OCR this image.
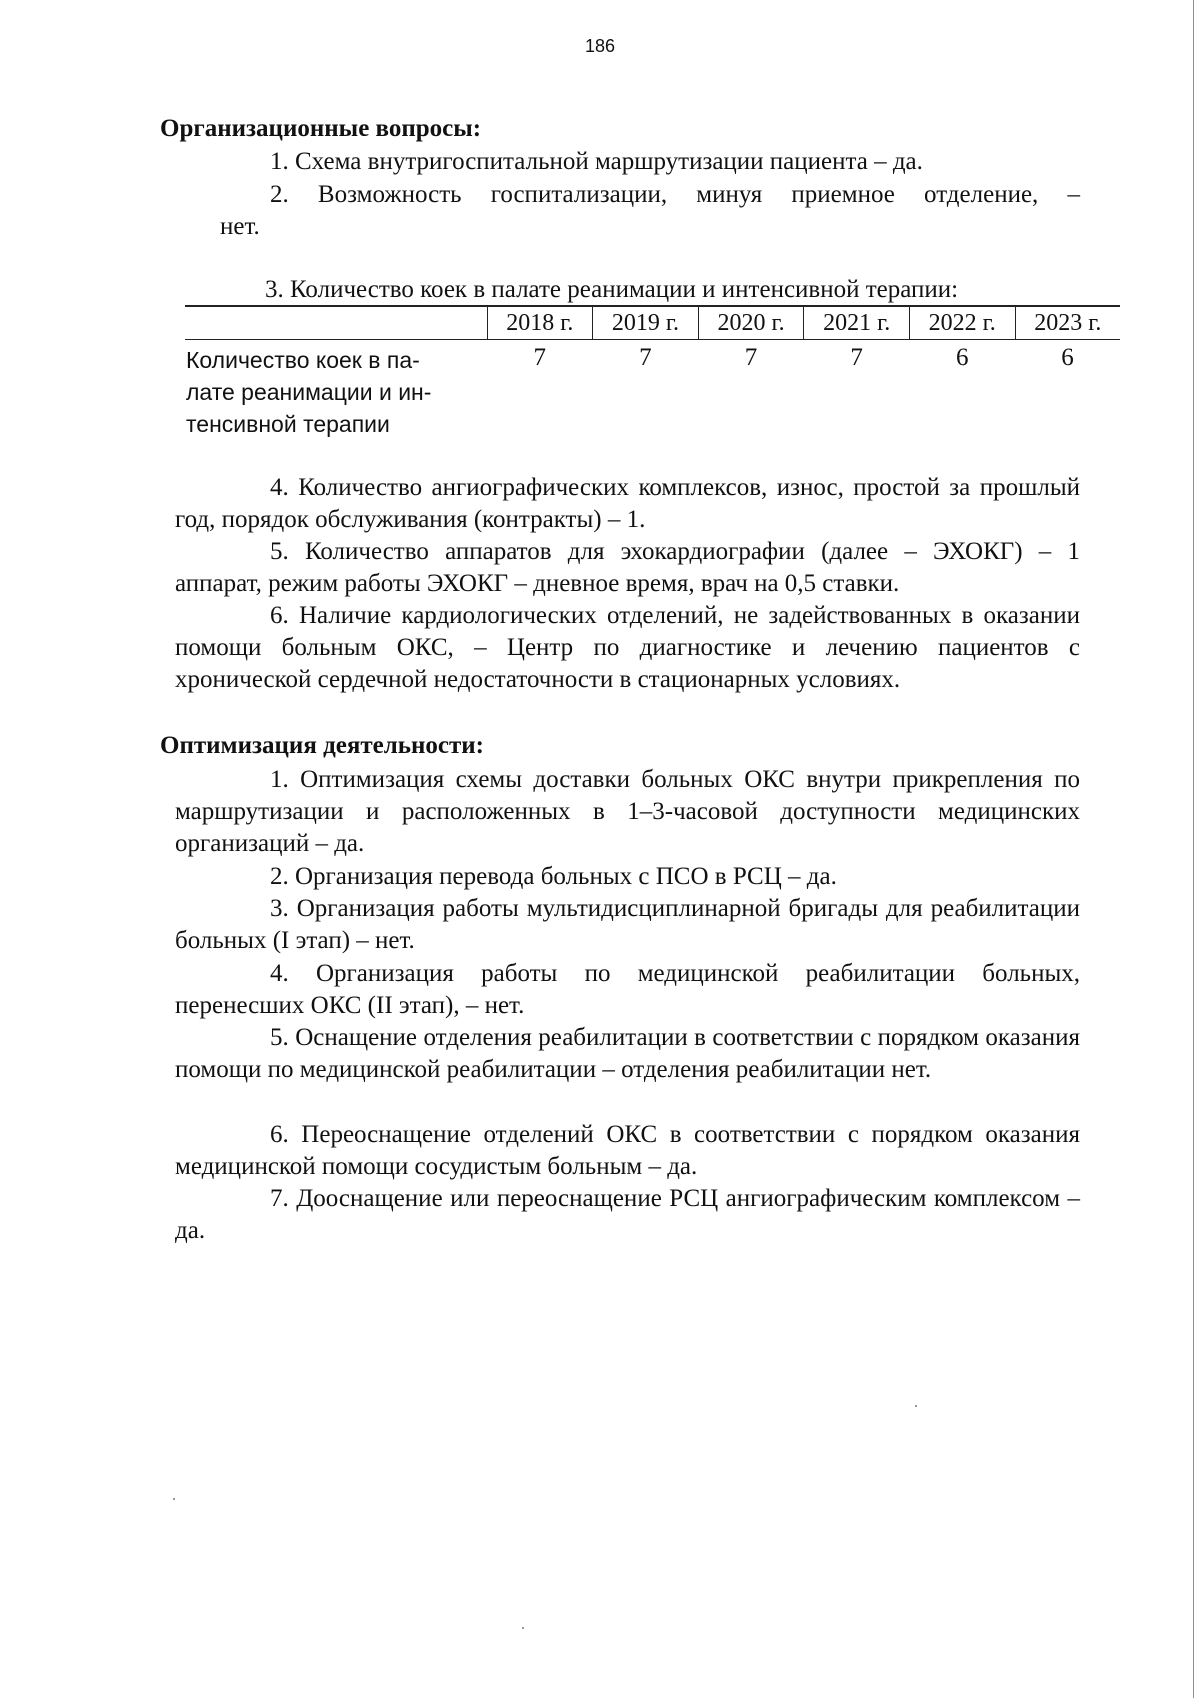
186
Организационные вопросы:
1. Схема внутригоспитальной маршрутизации пациента – да.
2. Возможность госпитализации, минуя приемное отделение, –
нет.
3. Количество коек в палате реанимации и интенсивной терапии:
	2018 г.	2019 г.	2020 г.	2021 г.	2022 г.	2023 г.

Количество коек в па-
лате реанимации и ин-
тенсивной терапии	7	7	7	7	6	6
4. Количество ангиографических комплексов, износ, простой за прошлый год, порядок обслуживания (контракты) – 1.
5. Количество аппаратов для эхокардиографии (далее – ЭХОКГ) – 1 аппарат, режим работы ЭХОКГ – дневное время, врач на 0,5 ставки.
6. Наличие кардиологических отделений, не задействованных в оказании помощи больным ОКС, – Центр по диагностике и лечению пациентов с хронической сердечной недостаточности в стационарных условиях.
Оптимизация деятельности:
1. Оптимизация схемы доставки больных ОКС внутри прикрепления по маршрутизации и расположенных в 1–3-часовой доступности медицинских организаций – да.
2. Организация перевода больных с ПСО в РСЦ – да.
3. Организация работы мультидисциплинарной бригады для реабилитации больных (I этап) – нет.
4. Организация работы по медицинской реабилитации больных, перенесших ОКС (II этап), – нет.
5. Оснащение отделения реабилитации в соответствии с порядком оказания помощи по медицинской реабилитации – отделения реабилитации нет.
6. Переоснащение отделений ОКС в соответствии с порядком оказания медицинской помощи сосудистым больным – да.
7. Дооснащение или переоснащение РСЦ ангиографическим комплексом – да.
